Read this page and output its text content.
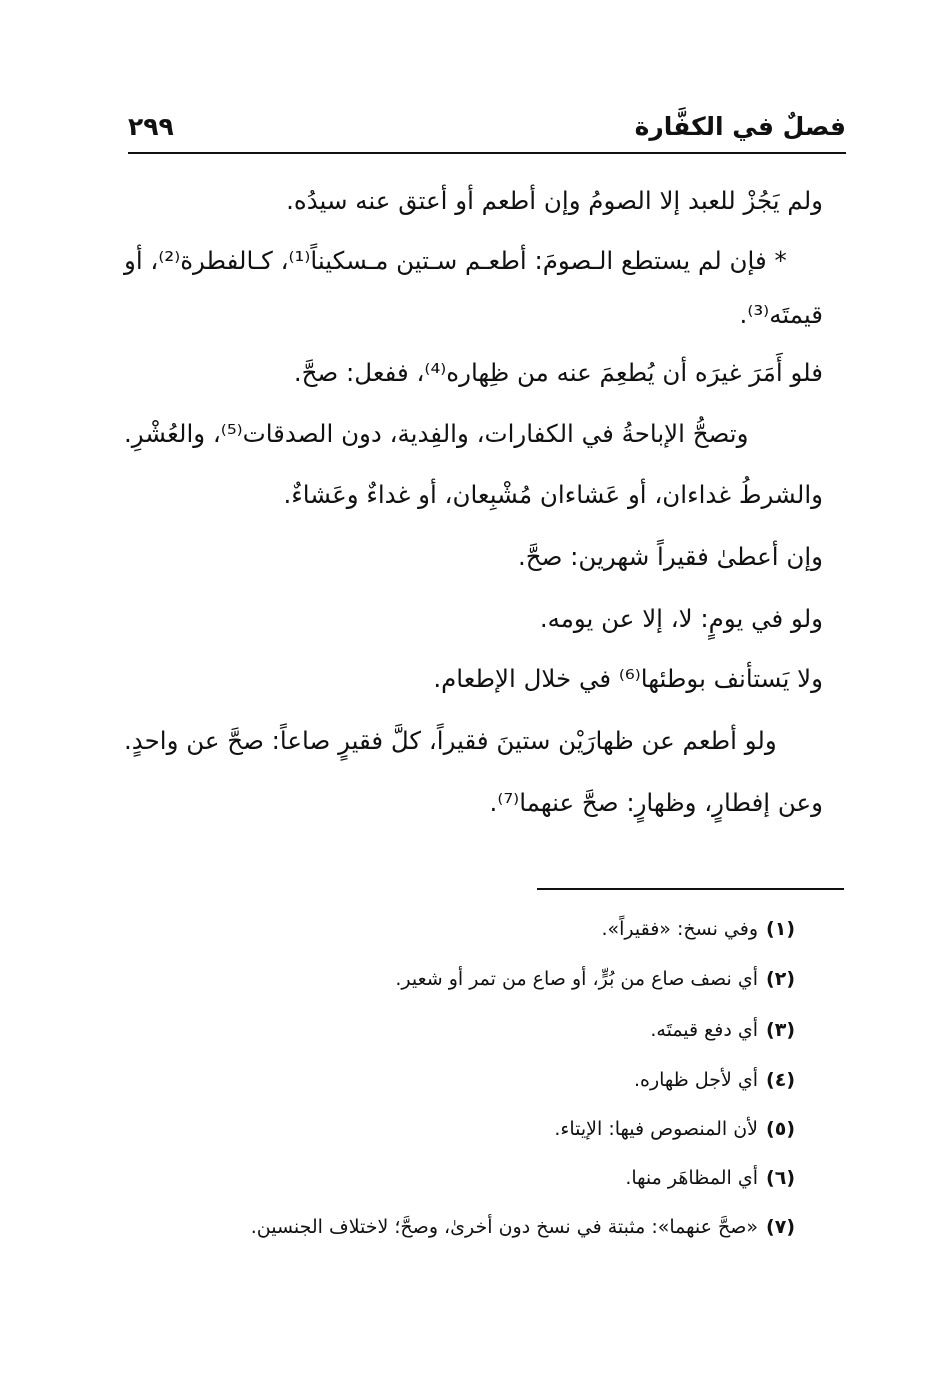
فصلٌ في الكفَّارة
٢٩٩
ولم يَجُزْ للعبد إلا الصومُ وإن أطعم أو أعتق عنه سيدُه.
* فإن لم يستطع الـصومَ: أطعـم سـتين مـسكيناً⁽¹⁾، كـالفطرة⁽²⁾، أو
قيمتَه⁽³⁾.
فلو أَمَرَ غيرَه أن يُطعِمَ عنه من ظِهاره⁽⁴⁾، ففعل: صحَّ.
وتصحُّ الإباحةُ في الكفارات، والفِدية، دون الصدقات⁽⁵⁾، والعُشْرِ.
والشرطُ غداءان، أو عَشاءان مُشْبِعان، أو غداءٌ وعَشاءٌ.
وإن أعطىٰ فقيراً شهرين: صحَّ.
ولو في يومٍ: لا، إلا عن يومه.
ولا يَستأنف بوطئها⁽⁶⁾ في خلال الإطعام.
ولو أطعم عن ظهارَيْن ستينَ فقيراً، كلَّ فقيرٍ صاعاً: صحَّ عن واحدٍ.
وعن إفطارٍ، وظهارٍ: صحَّ عنهما⁽⁷⁾.
(١)وفي نسخ: «فقيراً».
(٢)أي نصف صاع من بُرٍّ، أو صاع من تمر أو شعير.
(٣)أي دفع قيمتَه.
(٤)أي لأجل ظهاره.
(٥)لأن المنصوص فيها: الإيتاء.
(٦)أي المظاهَر منها.
(٧)«صحَّ عنهما»: مثبتة في نسخ دون أخرىٰ، وصحَّ؛ لاختلاف الجنسين.
